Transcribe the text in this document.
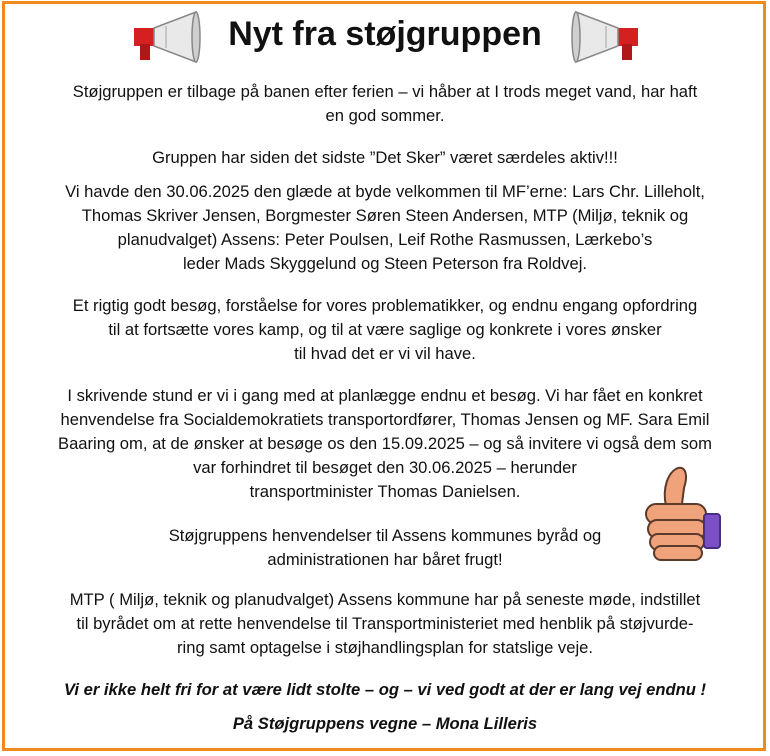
Nyt fra støjgruppen

Støjgruppen er tilbage på banen efter ferien – vi håber at I trods meget vand, har haft
en god sommer.

Gruppen har siden det sidste ”Det Sker” været særdeles aktiv!!!

Vi havde den 30.06.2025 den glæde at byde velkommen til MF’erne: Lars Chr. Lilleholt,
Thomas Skriver Jensen, Borgmester Søren Steen Andersen, MTP (Miljø, teknik og
planudvalget) Assens: Peter Poulsen, Leif Rothe Rasmussen, Lærkebo’s
leder Mads Skyggelund og Steen Peterson fra Roldvej.

Et rigtig godt besøg, forståelse for vores problematikker, og endnu engang opfordring
til at fortsætte vores kamp, og til at være saglige og konkrete i vores ønsker
til hvad det er vi vil have.

I skrivende stund er vi i gang med at planlægge endnu et besøg. Vi har fået en konkret
henvendelse fra Socialdemokratiets transportordfører, Thomas Jensen og MF. Sara Emil
Baaring om, at de ønsker at besøge os den 15.09.2025 – og så invitere vi også dem som
var forhindret til besøget den 30.06.2025 – herunder
transportminister Thomas Danielsen.

Støjgruppens henvendelser til Assens kommunes byråd og
administrationen har båret frugt!

MTP ( Miljø, teknik og planudvalget) Assens kommune har på seneste møde, indstillet
til byrådet om at rette henvendelse til Transportministeriet med henblik på støjvurde-
ring samt optagelse i støjhandlingsplan for statslige veje.

Vi er ikke helt fri for at være lidt stolte – og – vi ved godt at der er lang vej endnu !

På Støjgruppens vegne – Mona Lilleris
